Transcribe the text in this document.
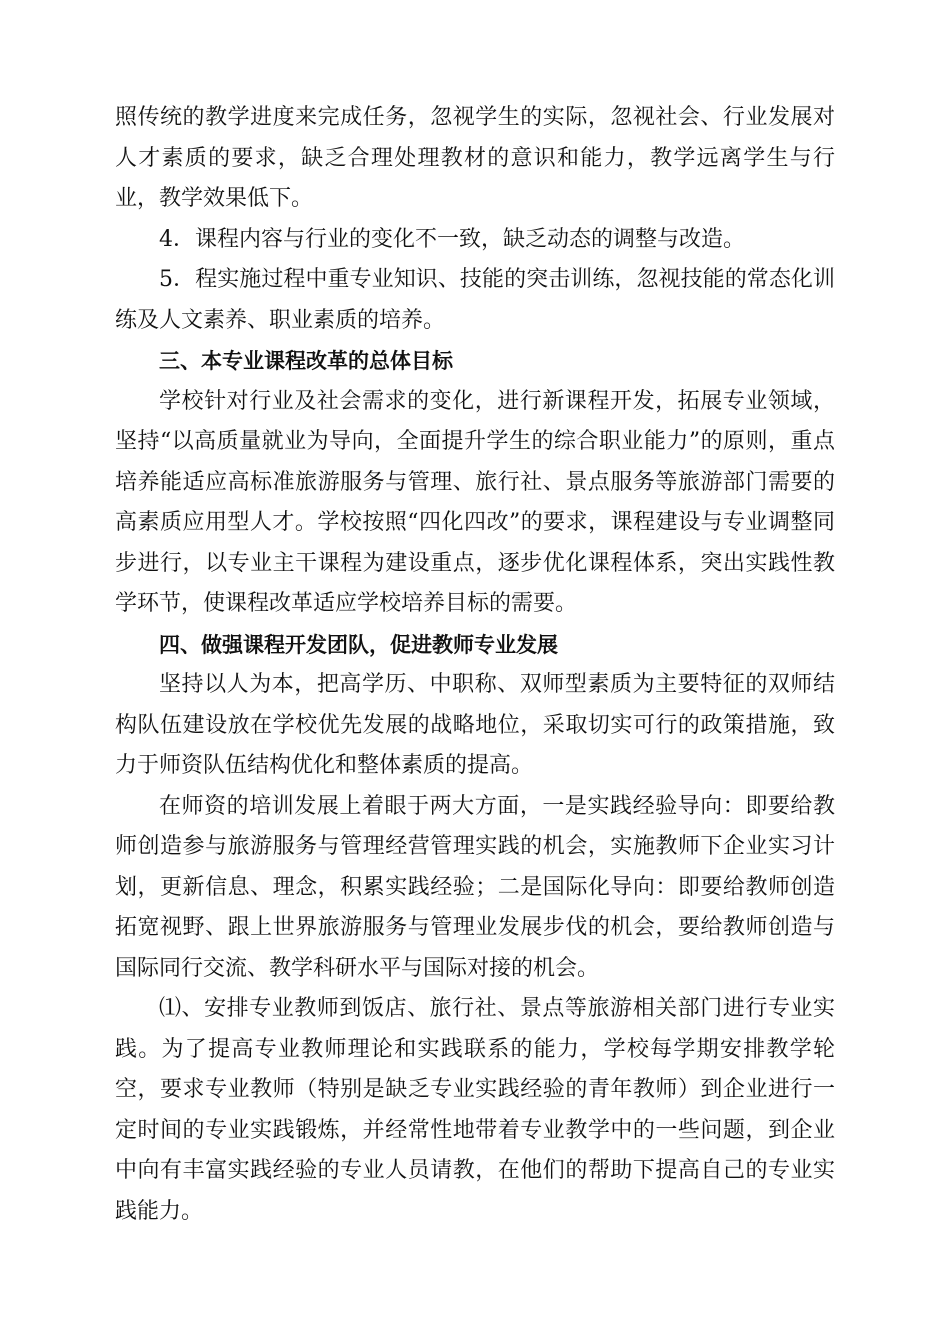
照传统的教学进度来完成任务，忽视学生的实际，忽视社会、行业发展对人才素质的要求，缺乏合理处理教材的意识和能力，教学远离学生与行业，教学效果低下。

4．课程内容与行业的变化不一致，缺乏动态的调整与改造。

5．程实施过程中重专业知识、技能的突击训练，忽视技能的常态化训练及人文素养、职业素质的培养。

三、本专业课程改革的总体目标

学校针对行业及社会需求的变化，进行新课程开发，拓展专业领域，坚持“以高质量就业为导向，全面提升学生的综合职业能力”的原则，重点培养能适应高标准旅游服务与管理、旅行社、景点服务等旅游部门需要的高素质应用型人才。学校按照“四化四改”的要求，课程建设与专业调整同步进行，以专业主干课程为建设重点，逐步优化课程体系，突出实践性教学环节，使课程改革适应学校培养目标的需要。

四、做强课程开发团队，促进教师专业发展

坚持以人为本，把高学历、中职称、双师型素质为主要特征的双师结构队伍建设放在学校优先发展的战略地位，采取切实可行的政策措施，致力于师资队伍结构优化和整体素质的提高。

在师资的培训发展上着眼于两大方面，一是实践经验导向：即要给教师创造参与旅游服务与管理经营管理实践的机会，实施教师下企业实习计划，更新信息、理念，积累实践经验；二是国际化导向：即要给教师创造拓宽视野、跟上世界旅游服务与管理业发展步伐的机会，要给教师创造与国际同行交流、教学科研水平与国际对接的机会。

⑴、安排专业教师到饭店、旅行社、景点等旅游相关部门进行专业实践。为了提高专业教师理论和实践联系的能力，学校每学期安排教学轮空，要求专业教师（特别是缺乏专业实践经验的青年教师）到企业进行一定时间的专业实践锻炼，并经常性地带着专业教学中的一些问题，到企业中向有丰富实践经验的专业人员请教，在他们的帮助下提高自己的专业实践能力。
